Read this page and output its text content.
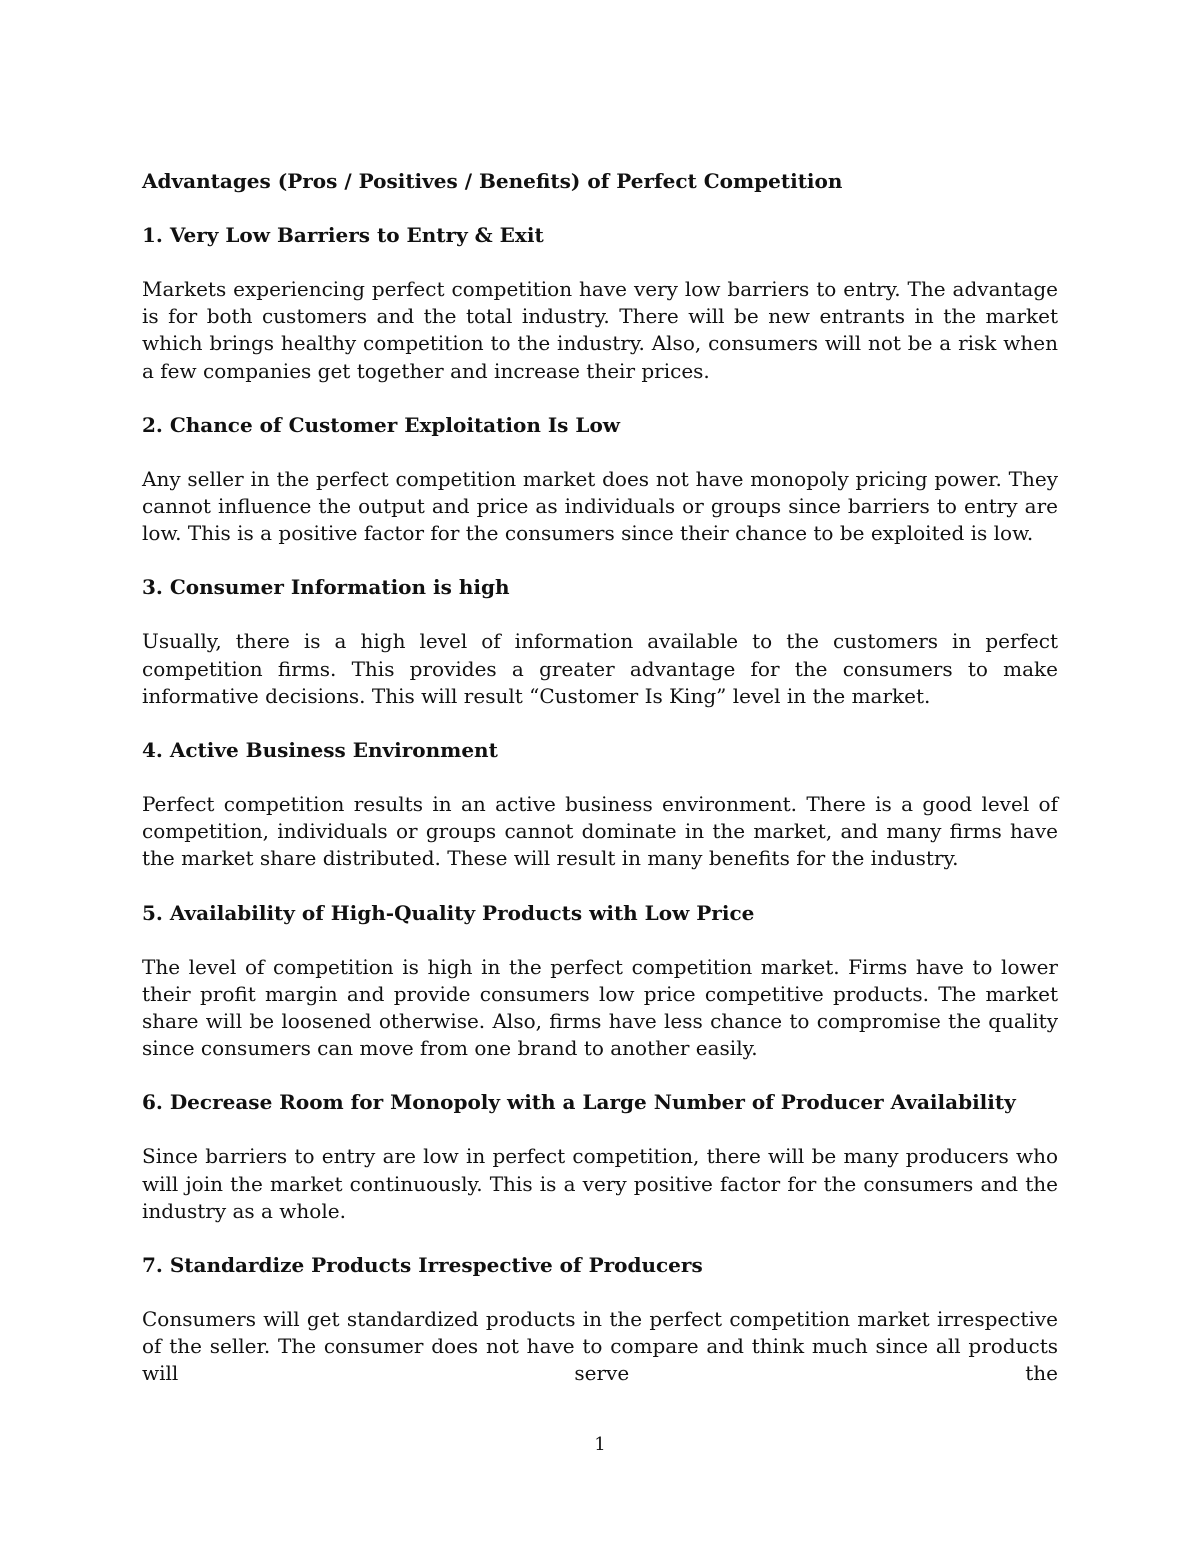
Advantages (Pros / Positives / Benefits) of Perfect Competition
1. Very Low Barriers to Entry & Exit
Markets experiencing perfect competition have very low barriers to entry. The advantage is for both customers and the total industry. There will be new entrants in the market which brings healthy competition to the industry. Also, consumers will not be a risk when a few companies get together and increase their prices.
2. Chance of Customer Exploitation Is Low
Any seller in the perfect competition market does not have monopoly pricing power. They cannot influence the output and price as individuals or groups since barriers to entry are low. This is a positive factor for the consumers since their chance to be exploited is low.
3. Consumer Information is high
Usually, there is a high level of information available to the customers in perfect competition firms. This provides a greater advantage for the consumers to make informative decisions. This will result “Customer Is King” level in the market.
4. Active Business Environment
Perfect competition results in an active business environment. There is a good level of competition, individuals or groups cannot dominate in the market, and many firms have the market share distributed. These will result in many benefits for the industry.
5. Availability of High-Quality Products with Low Price
The level of competition is high in the perfect competition market. Firms have to lower their profit margin and provide consumers low price competitive products. The market share will be loosened otherwise. Also, firms have less chance to compromise the quality since consumers can move from one brand to another easily.
6. Decrease Room for Monopoly with a Large Number of Producer Availability
Since barriers to entry are low in perfect competition, there will be many producers who will join the market continuously. This is a very positive factor for the consumers and the industry as a whole.
7. Standardize Products Irrespective of Producers
Consumers will get standardized products in the perfect competition market irrespective of the seller. The consumer does not have to compare and think much since all products will serve the
1
